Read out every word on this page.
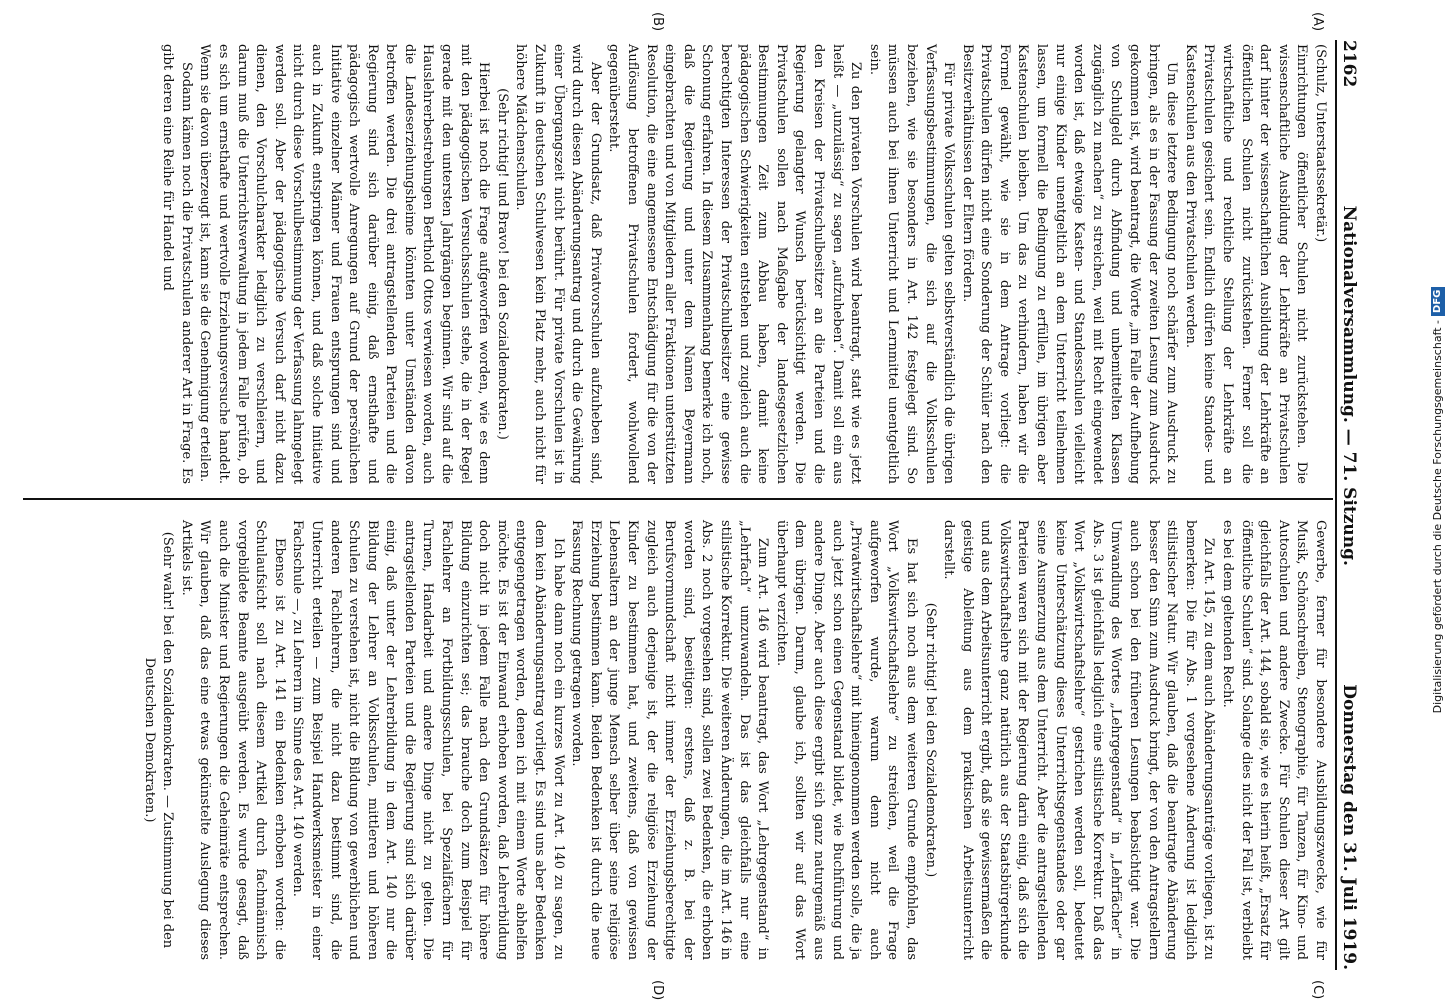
2162
Nationalversammlung. — 71. Sitzung.
Donnerstag den 31. Juli 1919.
(A)
(B)
(C)
(D)

(Schulz, Unterstaatssekretär.)

Einrichtungen öffentlicher Schulen nicht zurückstehen. Die wissenschaftliche Ausbildung der Lehrkräfte an Privatschulen darf hinter der wissenschaftlichen Ausbildung der Lehrkräfte an öffentlichen Schulen nicht zurückstehen. Ferner soll die wirtschaftliche und rechtliche Stellung der Lehrkräfte an Privatschulen gesichert sein. Endlich dürfen keine Standes- und Kastenschulen aus den Privatschulen werden.

Um diese letztere Bedingung noch schärfer zum Ausdruck zu bringen, als es in der Fassung der zweiten Lesung zum Ausdruck gekommen ist, wird beantragt, die Worte „im Falle der Aufhebung von Schulgeld durch Abfindung und unbemittelten Klassen zugänglich zu machen“ zu streichen, weil mit Recht eingewendet worden ist, daß etwaige Kasten- und Standesschulen vielleicht nur einige Kinder unentgeltlich an dem Unterricht teilnehmen lassen, um formell die Bedingung zu erfüllen, im übrigen aber Kastenschulen bleiben. Um das zu verhindern, haben wir die Formel gewählt, wie sie in dem Antrage vorliegt: die Privatschulen dürfen nicht eine Sonderung der Schüler nach den Besitzverhältnissen der Eltern fördern.

Für private Volksschulen gelten selbstverständlich die übrigen Verfassungsbestimmungen, die sich auf die Volksschulen beziehen, wie sie besonders in Art. 142 festgelegt sind. So müssen auch bei ihnen Unterricht und Lernmittel unentgeltlich sein.

Zu den privaten Vorschulen wird beantragt, statt wie es jetzt heißt — „unzulässig“ zu sagen „aufzuheben“. Damit soll ein aus den Kreisen der Privatschulbesitzer an die Parteien und die Regierung gelangter Wunsch berücksichtigt werden. Die Privatschulen sollen nach Maßgabe der landesgesetzlichen Bestimmungen Zeit zum Abbau haben, damit keine pädagogischen Schwierigkeiten entstehen und zugleich auch die berechtigten Interessen der Privatschulbesitzer eine gewisse Schonung erfahren. In diesem Zusammenhang bemerke ich noch, daß die Regierung und unter dem Namen Beyermann eingebrachten und von Mitgliedern aller Fraktionen unterstützten Resolution, die eine angemessene Entschädigung für die von der Auflösung betroffenen Privatschulen fordert, wohlwollend gegenübersteht.

Aber der Grundsatz, daß Privatvorschulen aufzuheben sind, wird durch diesen Abänderungsantrag und durch die Gewährung einer Übergangszeit nicht berührt. Für private Vorschulen ist in Zukunft in deutschen Schulwesen kein Platz mehr, auch nicht für höhere Mädchenschulen.

(Sehr richtig! und Bravo! bei den Sozialdemokraten.)

Hierbei ist noch die Frage aufgeworfen worden, wie es denn mit den pädagogischen Versuchsschulen stehe, die in der Regel gerade mit den untersten Jahrgängen beginnen. Wir sind auf die Hauslehrerbestrebungen Berthold Ottos verwiesen worden, auch die Landeserziehungsheime könnten unter Umständen davon betroffen werden. Die drei antragstellenden Parteien und die Regierung sind sich darüber einig, daß ernsthafte und pädagogisch wertvolle Anregungen auf Grund der persönlichen Initiative einzelner Männer und Frauen entsprungen sind und auch in Zukunft entspringen können, und daß solche Initiative nicht durch diese Vorschulbestimmung der Verfassung lahmgelegt werden soll. Aber der pädagogische Versuch darf nicht dazu dienen, den Vorschulcharakter lediglich zu verschleiern, und darum muß die Unterrichtsverwaltung in jedem Falle prüfen, ob es sich um ernsthafte und wertvolle Erziehungsversuche handelt. Wenn sie davon überzeugt ist, kann sie die Genehmigung erteilen.

Sodann kämen noch die Privatschulen anderer Art in Frage. Es gibt deren eine Reihe für Handel und

Gewerbe, ferner für besondere Ausbildungszwecke, wie für Musik, Schönschreiben, Stenographie, für Tanzen, für Kino- und Autoschulen und andere Zwecke. Für Schulen dieser Art gilt gleichfalls der Art. 144, sobald sie, wie es hierin heißt, „Ersatz für öffentliche Schulen“ sind. Solange dies nicht der Fall ist, verbleibt es bei dem geltenden Recht.

Zu Art. 145, zu dem auch Abänderungsanträge vorliegen, ist zu bemerken: Die für Abs. 1 vorgesehene Änderung ist lediglich stilistischer Natur. Wir glauben, daß die beantragte Abänderung besser den Sinn zum Ausdruck bringt, der von den Antragstellern auch schon bei den früheren Lesungen beabsichtigt war. Die Umwandlung des Wortes „Lehrgegenstand“ in „Lehrfächer“ in Abs. 3 ist gleichfalls lediglich eine stilistische Korrektur. Daß das Wort „Volkswirtschaftslehre“ gestrichen werden soll, bedeutet keine Unterschätzung dieses Unterrichtsgegenstandes oder gar seine Ausmerzung aus dem Unterricht. Aber die antragstellenden Parteien waren sich mit der Regierung darin einig, daß sich die Volkswirtschaftslehre ganz natürlich aus der Staatsbürgerkunde und aus dem Arbeitsunterricht ergibt, daß sie gewissermaßen die geistige Ableitung aus dem praktischen Arbeitsunterricht darstellt.

(Sehr richtig! bei den Sozialdemokraten.)

Es hat sich noch aus dem weiteren Grunde empfohlen, das Wort „Volkswirtschaftslehre“ zu streichen, weil die Frage aufgeworfen wurde, warum denn nicht auch „Privatwirtschaftslehre“ mit hineingenommen werden solle, die ja auch jetzt schon einen Gegenstand bildet, wie Buchführung und andere Dinge. Aber auch diese ergibt sich ganz naturgemäß aus dem übrigen. Darum, glaube ich, sollten wir auf das Wort überhaupt verzichten.

Zum Art. 146 wird beantragt, das Wort „Lehrgegenstand“ in „Lehrfach“ umzuwandeln. Das ist das gleichfalls nur eine stilistische Korrektur. Die weiteren Änderungen, die im Art. 146 in Abs. 2 noch vorgesehen sind, sollen zwei Bedenken, die erhoben worden sind, beseitigen: erstens, daß z. B. bei der Berufsvormundschaft nicht immer der Erziehungsberechtigte zugleich auch derjenige ist, der die religiöse Erziehung der Kinder zu bestimmen hat, und zweitens, daß von gewissen Lebensaltern an der junge Mensch selber über seine religiöse Erziehung bestimmen kann. Beiden Bedenken ist durch die neue Fassung Rechnung getragen worden.

Ich habe dann noch ein kurzes Wort zu Art. 140 zu sagen, zu dem kein Abänderungsantrag vorliegt. Es sind uns aber Bedenken entgegengetragen worden, denen ich mit einem Worte abhelfen möchte. Es ist der Einwand erhoben worden, daß Lehrerbildung doch nicht in jedem Falle nach den Grundsätzen für höhere Bildung einzurichten sei; das brauche doch zum Beispiel für Fachlehrer an Fortbildungsschulen, bei Spezialfächern für Turnen, Handarbeit und andere Dinge nicht zu gelten. Die antragstellenden Parteien und die Regierung sind sich darüber einig, daß unter der Lehrerbildung in dem Art. 140 nur die Bildung der Lehrer an Volksschulen, mittleren und höheren Schulen zu verstehen ist, nicht die Bildung von gewerblichen und anderen Fachlehrern, die nicht dazu bestimmt sind, die Unterricht erteilen — zum Beispiel Handwerksmeister in einer Fachschule —, zu Lehrern im Sinne des Art. 140 werden.

Ebenso ist zu Art. 141 ein Bedenken erhoben worden: die Schulaufsicht soll nach diesem Artikel durch fachmännisch vorgebildete Beamte ausgeübt werden. Es wurde gesagt, daß auch die Minister und Regierungen die Geheimräte entsprechen. Wir glauben, daß das eine etwas gekünstelte Auslegung dieses Artikels ist.

(Sehr wahr! bei den Sozialdemokraten. — Zustimmung bei den Deutschen Demokraten.)

Digitalisierung gefördert durch die Deutsche Forschungsgemeinschaft -
DFG
